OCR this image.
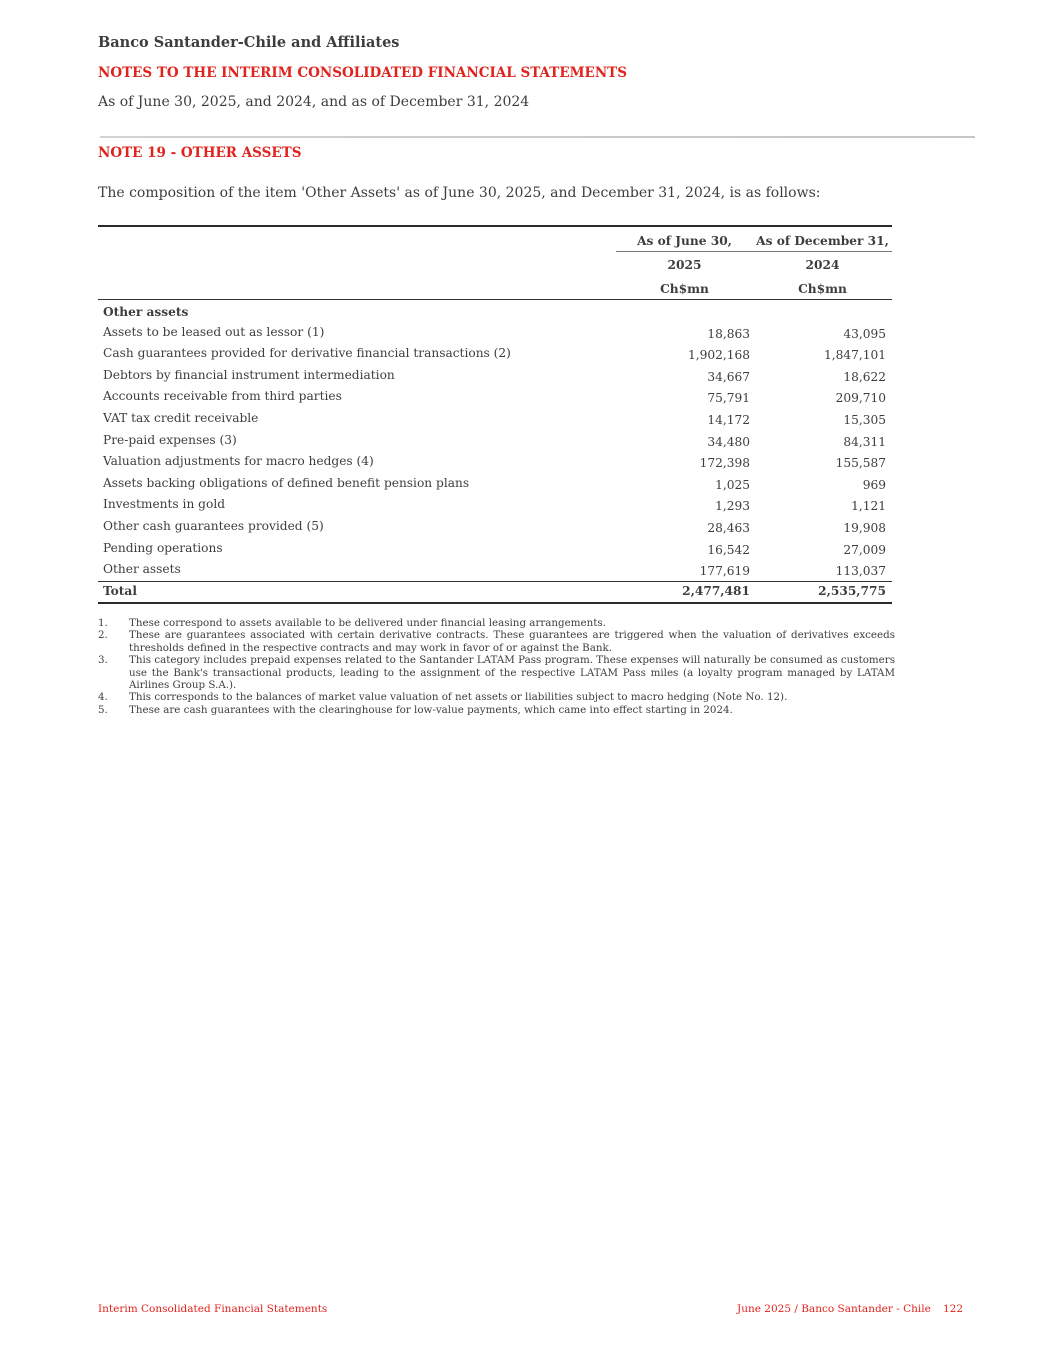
Banco Santander-Chile and Affiliates
NOTES TO THE INTERIM CONSOLIDATED FINANCIAL STATEMENTS
As of June 30, 2025, and 2024, and as of December 31, 2024
NOTE 19 - OTHER ASSETS
The composition of the item 'Other Assets' as of June 30, 2025, and December 31, 2024, is as follows:
As of June 30,	As of December 31,
2025	2024
Ch$mn	Ch$mn
Other assets
Assets to be leased out as lessor (1)	18,863	43,095
Cash guarantees provided for derivative financial transactions (2)	1,902,168	1,847,101
Debtors by financial instrument intermediation	34,667	18,622
Accounts receivable from third parties	75,791	209,710
VAT tax credit receivable	14,172	15,305
Pre-paid expenses (3)	34,480	84,311
Valuation adjustments for macro hedges (4)	172,398	155,587
Assets backing obligations of defined benefit pension plans	1,025	969
Investments in gold	1,293	1,121
Other cash guarantees provided (5)	28,463	19,908
Pending operations	16,542	27,009
Other assets	177,619	113,037
Total	2,477,481	2,535,775
1. These correspond to assets available to be delivered under financial leasing arrangements.
2. These are guarantees associated with certain derivative contracts. These guarantees are triggered when the valuation of derivatives exceeds thresholds defined in the respective contracts and may work in favor of or against the Bank.
3. This category includes prepaid expenses related to the Santander LATAM Pass program. These expenses will naturally be consumed as customers use the Bank's transactional products, leading to the assignment of the respective LATAM Pass miles (a loyalty program managed by LATAM Airlines Group S.A.).
4. This corresponds to the balances of market value valuation of net assets or liabilities subject to macro hedging (Note No. 12).
5. These are cash guarantees with the clearinghouse for low-value payments, which came into effect starting in 2024.
Interim Consolidated Financial Statements	June 2025 / Banco Santander - Chile 122
